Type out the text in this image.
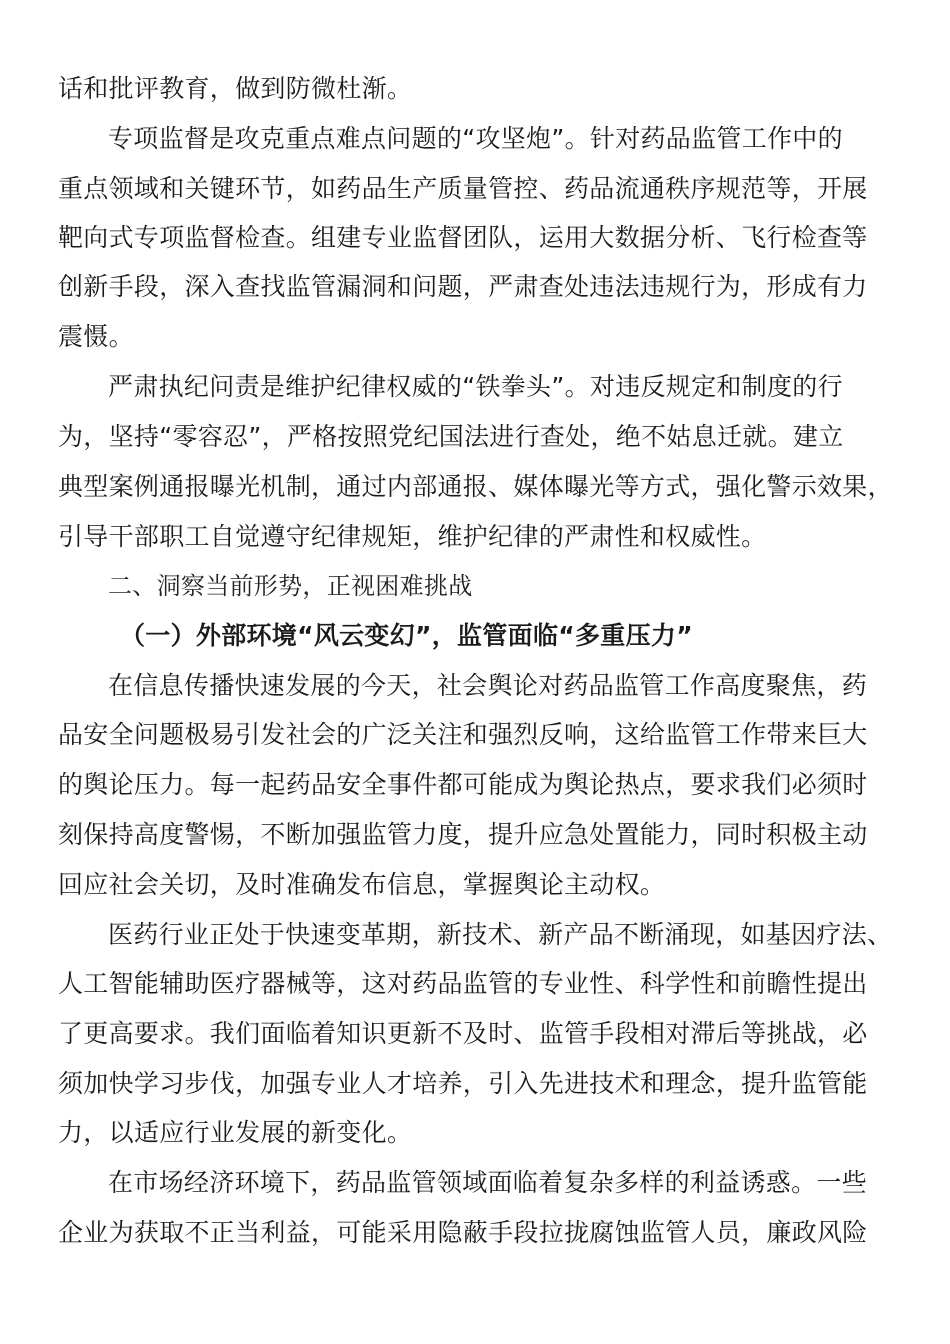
话和批评教育，做到防微杜渐。
专项监督是攻克重点难点问题的“攻坚炮”。针对药品监管工作中的
重点领域和关键环节，如药品生产质量管控、药品流通秩序规范等，开展
靶向式专项监督检查。组建专业监督团队，运用大数据分析、飞行检查等
创新手段，深入查找监管漏洞和问题，严肃查处违法违规行为，形成有力
震慑。
严肃执纪问责是维护纪律权威的“铁拳头”。对违反规定和制度的行
为，坚持“零容忍”，严格按照党纪国法进行查处，绝不姑息迁就。建立
典型案例通报曝光机制，通过内部通报、媒体曝光等方式，强化警示效果，
引导干部职工自觉遵守纪律规矩，维护纪律的严肃性和权威性。
二、洞察当前形势，正视困难挑战
（一）外部环境“风云变幻”，监管面临“多重压力”
在信息传播快速发展的今天，社会舆论对药品监管工作高度聚焦，药
品安全问题极易引发社会的广泛关注和强烈反响，这给监管工作带来巨大
的舆论压力。每一起药品安全事件都可能成为舆论热点，要求我们必须时
刻保持高度警惕，不断加强监管力度，提升应急处置能力，同时积极主动
回应社会关切，及时准确发布信息，掌握舆论主动权。
医药行业正处于快速变革期，新技术、新产品不断涌现，如基因疗法、
人工智能辅助医疗器械等，这对药品监管的专业性、科学性和前瞻性提出
了更高要求。我们面临着知识更新不及时、监管手段相对滞后等挑战，必
须加快学习步伐，加强专业人才培养，引入先进技术和理念，提升监管能
力，以适应行业发展的新变化。
在市场经济环境下，药品监管领域面临着复杂多样的利益诱惑。一些
企业为获取不正当利益，可能采用隐蔽手段拉拢腐蚀监管人员，廉政风险
